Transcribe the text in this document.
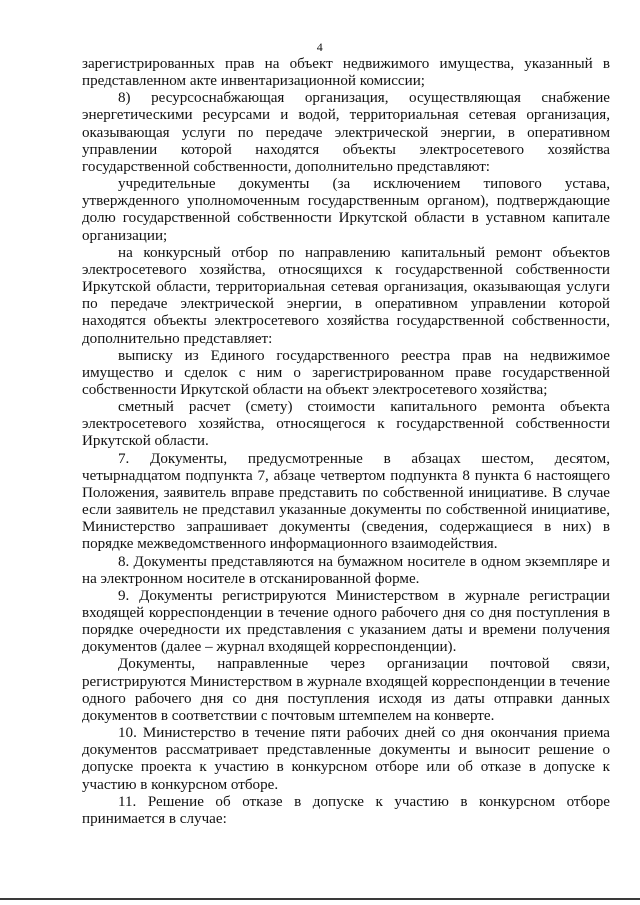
4

зарегистрированных прав на объект недвижимого имущества, указанный в представленном акте инвентаризационной комиссии;

8) ресурсоснабжающая организация, осуществляющая снабжение энергетическими ресурсами и водой, территориальная сетевая организация, оказывающая услуги по передаче электрической энергии, в оперативном управлении которой находятся объекты электросетевого хозяйства государственной собственности, дополнительно представляют:

учредительные документы (за исключением типового устава, утвержденного уполномоченным государственным органом), подтверждающие долю государственной собственности Иркутской области в уставном капитале организации;

на конкурсный отбор по направлению капитальный ремонт объектов электросетевого хозяйства, относящихся к государственной собственности Иркутской области, территориальная сетевая организация, оказывающая услуги по передаче электрической энергии, в оперативном управлении которой находятся объекты электросетевого хозяйства государственной собственности, дополнительно представляет:

выписку из Единого государственного реестра прав на недвижимое имущество и сделок с ним о зарегистрированном праве государственной собственности Иркутской области на объект электросетевого хозяйства;

сметный расчет (смету) стоимости капитального ремонта объекта электросетевого хозяйства, относящегося к государственной собственности Иркутской области.

7. Документы, предусмотренные в абзацах шестом, десятом, четырнадцатом подпункта 7, абзаце четвертом подпункта 8 пункта 6 настоящего Положения, заявитель вправе представить по собственной инициативе. В случае если заявитель не представил указанные документы по собственной инициативе, Министерство запрашивает документы (сведения, содержащиеся в них) в порядке межведомственного информационного взаимодействия.

8. Документы представляются на бумажном носителе в одном экземпляре и на электронном носителе в отсканированной форме.

9. Документы регистрируются Министерством в журнале регистрации входящей корреспонденции в течение одного рабочего дня со дня поступления в порядке очередности их представления с указанием даты и времени получения документов (далее – журнал входящей корреспонденции).

Документы, направленные через организации почтовой связи, регистрируются Министерством в журнале входящей корреспонденции в течение одного рабочего дня со дня поступления исходя из даты отправки данных документов в соответствии с почтовым штемпелем на конверте.

10. Министерство в течение пяти рабочих дней со дня окончания приема документов рассматривает представленные документы и выносит решение о допуске проекта к участию в конкурсном отборе или об отказе в допуске к участию в конкурсном отборе.

11. Решение об отказе в допуске к участию в конкурсном отборе принимается в случае:
